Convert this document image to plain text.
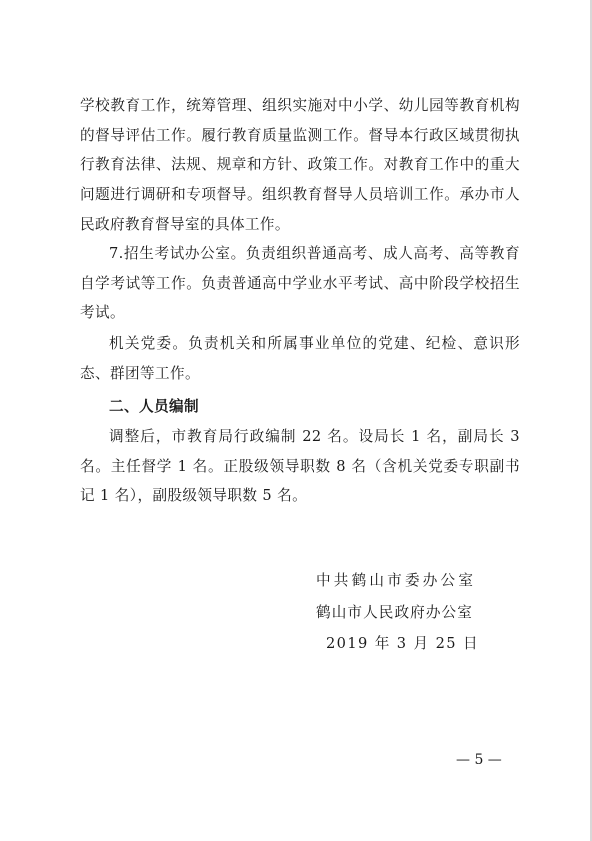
学校教育工作，统筹管理、组织实施对中小学、幼儿园等教育机构的督导评估工作。履行教育质量监测工作。督导本行政区域贯彻执行教育法律、法规、规章和方针、政策工作。对教育工作中的重大问题进行调研和专项督导。组织教育督导人员培训工作。承办市人民政府教育督导室的具体工作。

7.招生考试办公室。负责组织普通高考、成人高考、高等教育自学考试等工作。负责普通高中学业水平考试、高中阶段学校招生考试。

机关党委。负责机关和所属事业单位的党建、纪检、意识形态、群团等工作。

二、人员编制

调整后，市教育局行政编制 22 名。设局长 1 名，副局长 3 名。主任督学 1 名。正股级领导职数 8 名（含机关党委专职副书记 1 名），副股级领导职数 5 名。

中共鹤山市委办公室
鹤山市人民政府办公室
2019 年 3 月 25 日
— 5 —
